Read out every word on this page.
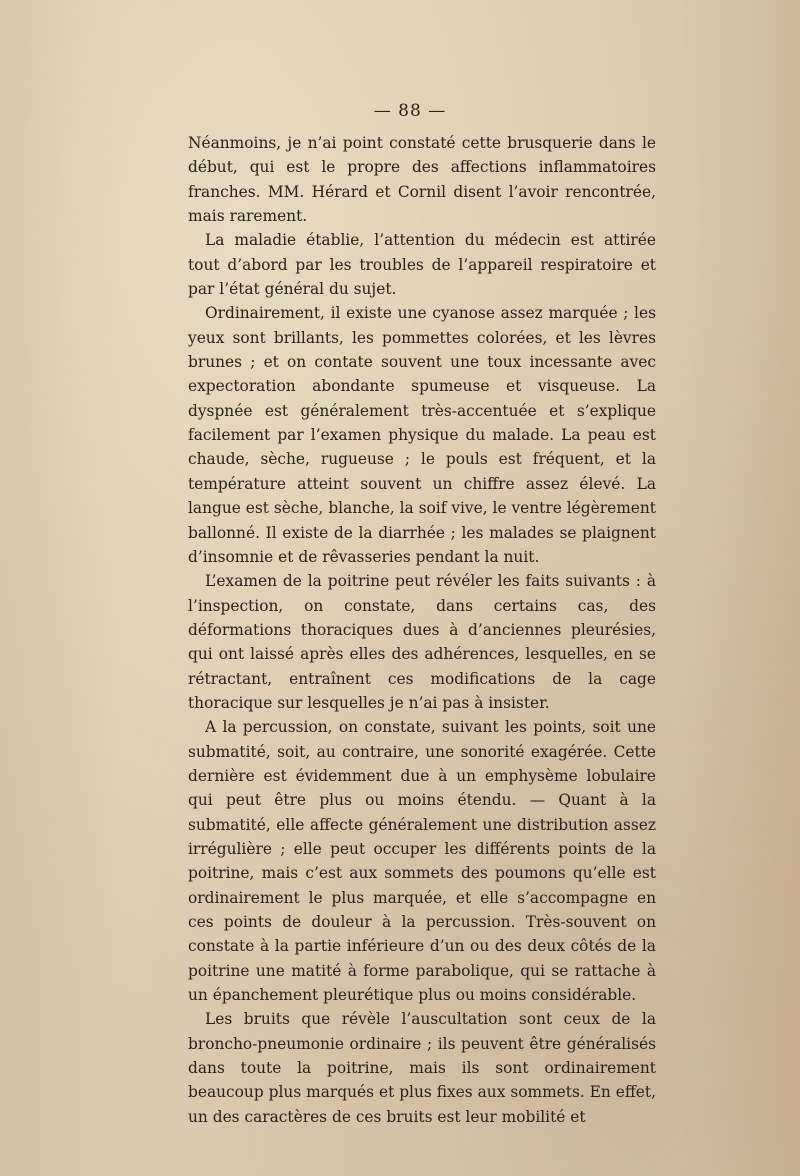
— 88 —

Néanmoins, je n’ai point constaté cette brusquerie dans le début, qui est le propre des affections inflammatoires franches. MM. Hérard et Cornil disent l’avoir rencontrée, mais rarement.

La maladie établie, l’attention du médecin est attirée tout d’abord par les troubles de l’appareil respiratoire et par l’état général du sujet.

Ordinairement, il existe une cyanose assez marquée ; les yeux sont brillants, les pommettes colorées, et les lèvres brunes ; et on contate souvent une toux incessante avec expectoration abondante spumeuse et visqueuse. La dyspnée est généralement très-accentuée et s’explique facilement par l’examen physique du malade. La peau est chaude, sèche, rugueuse ; le pouls est fréquent, et la température atteint souvent un chiffre assez élevé. La langue est sèche, blanche, la soif vive, le ventre légèrement ballonné. Il existe de la diarrhée ; les malades se plaignent d’insomnie et de rêvasseries pendant la nuit.

L’examen de la poitrine peut révéler les faits suivants : à l’inspection, on constate, dans certains cas, des déformations thoraciques dues à d’anciennes pleurésies, qui ont laissé après elles des adhérences, lesquelles, en se rétractant, entraînent ces modifications de la cage thoracique sur lesquelles je n’ai pas à insister.

A la percussion, on constate, suivant les points, soit une submatité, soit, au contraire, une sonorité exagérée. Cette dernière est évidemment due à un emphysème lobulaire qui peut être plus ou moins étendu. — Quant à la submatité, elle affecte généralement une distribution assez irrégulière ; elle peut occuper les différents points de la poitrine, mais c’est aux sommets des poumons qu’elle est ordinairement le plus marquée, et elle s’accompagne en ces points de douleur à la percussion. Très-souvent on constate à la partie inférieure d’un ou des deux côtés de la poitrine une matité à forme parabolique, qui se rattache à un épanchement pleurétique plus ou moins considérable.

Les bruits que révèle l’auscultation sont ceux de la broncho-pneumonie ordinaire ; ils peuvent être généralisés dans toute la poitrine, mais ils sont ordinairement beaucoup plus marqués et plus fixes aux sommets. En effet, un des caractères de ces bruits est leur mobilité et
